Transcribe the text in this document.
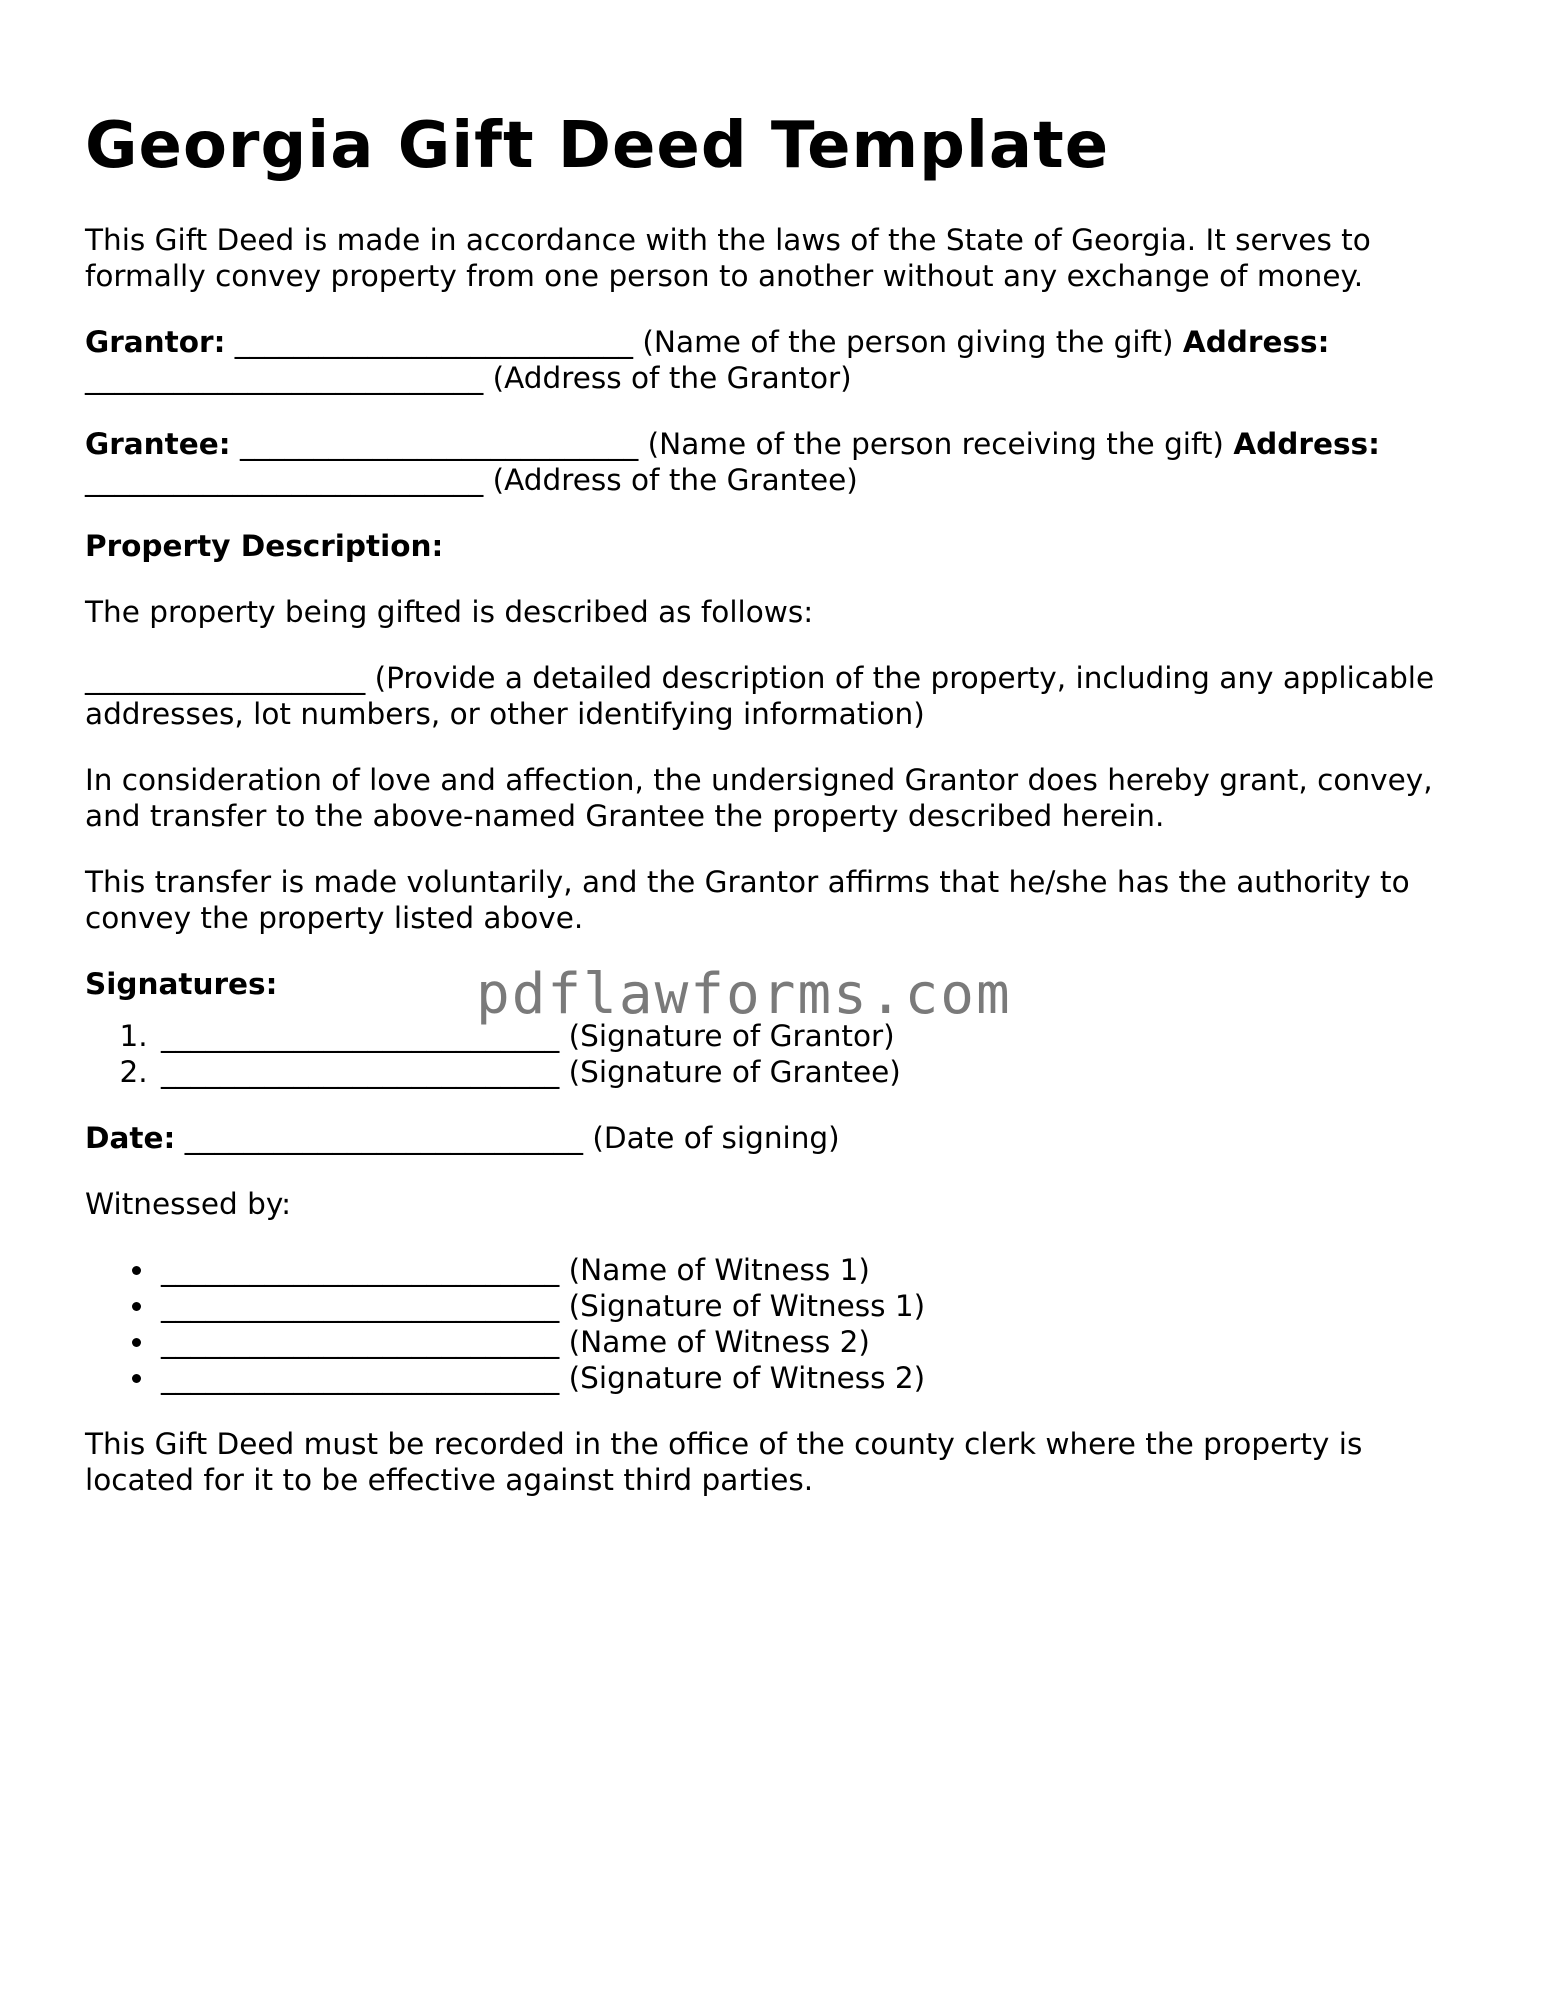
Georgia Gift Deed Template

This Gift Deed is made in accordance with the laws of the State of Georgia. It serves to formally convey property from one person to another without any exchange of money.

Grantor: ___________________________ (Name of the person giving the gift) Address: ___________________________ (Address of the Grantor)

Grantee: ___________________________ (Name of the person receiving the gift) Address: ___________________________ (Address of the Grantee)

Property Description:

The property being gifted is described as follows:

___________________ (Provide a detailed description of the property, including any applicable addresses, lot numbers, or other identifying information)

In consideration of love and affection, the undersigned Grantor does hereby grant, convey, and transfer to the above-named Grantee the property described herein.

This transfer is made voluntarily, and the Grantor affirms that he/she has the authority to convey the property listed above.

Signatures:

1. ___________________________ (Signature of Grantor)
2. ___________________________ (Signature of Grantee)

Date: ___________________________ (Date of signing)

Witnessed by:

• ___________________________ (Name of Witness 1)
• ___________________________ (Signature of Witness 1)
• ___________________________ (Name of Witness 2)
• ___________________________ (Signature of Witness 2)

This Gift Deed must be recorded in the office of the county clerk where the property is located for it to be effective against third parties.

pdflawforms.com
